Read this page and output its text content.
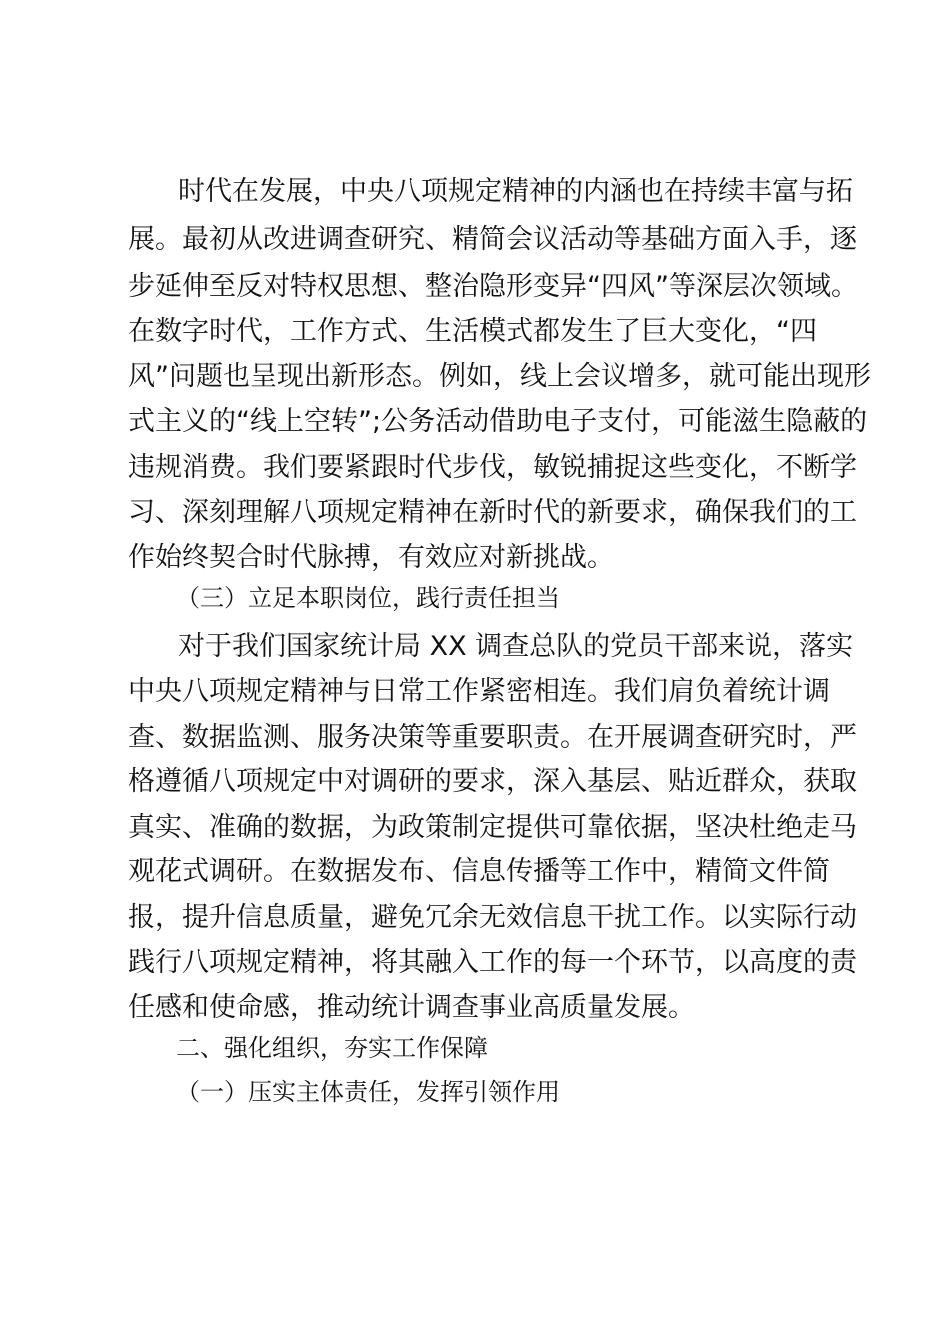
时代在发展，中央八项规定精神的内涵也在持续丰富与拓
展。最初从改进调查研究、精简会议活动等基础方面入手，逐
步延伸至反对特权思想、整治隐形变异“四风”等深层次领域。
在数字时代，工作方式、生活模式都发生了巨大变化，“四
风”问题也呈现出新形态。例如，线上会议增多，就可能出现形
式主义的“线上空转”;公务活动借助电子支付，可能滋生隐蔽的
违规消费。我们要紧跟时代步伐，敏锐捕捉这些变化，不断学
习、深刻理解八项规定精神在新时代的新要求，确保我们的工
作始终契合时代脉搏，有效应对新挑战。
（三）立足本职岗位，践行责任担当
对于我们国家统计局 XX 调查总队的党员干部来说，落实
中央八项规定精神与日常工作紧密相连。我们肩负着统计调
查、数据监测、服务决策等重要职责。在开展调查研究时，严
格遵循八项规定中对调研的要求，深入基层、贴近群众，获取
真实、准确的数据，为政策制定提供可靠依据，坚决杜绝走马
观花式调研。在数据发布、信息传播等工作中，精简文件简
报，提升信息质量，避免冗余无效信息干扰工作。以实际行动
践行八项规定精神，将其融入工作的每一个环节，以高度的责
任感和使命感，推动统计调查事业高质量发展。
二、强化组织，夯实工作保障
（一）压实主体责任，发挥引领作用
